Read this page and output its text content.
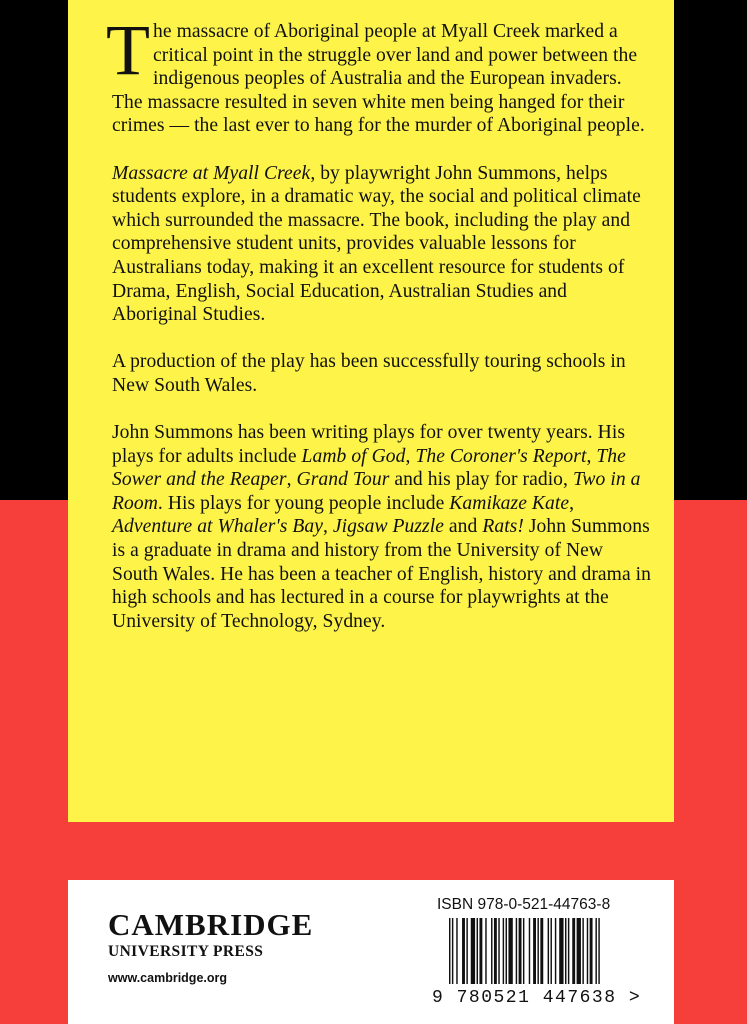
The massacre of Aboriginal people at Myall Creek marked a critical point in the struggle over land and power between the indigenous peoples of Australia and the European invaders. The massacre resulted in seven white men being hanged for their crimes — the last ever to hang for the murder of Aboriginal people.

Massacre at Myall Creek, by playwright John Summons, helps students explore, in a dramatic way, the social and political climate which surrounded the massacre. The book, including the play and comprehensive student units, provides valuable lessons for Australians today, making it an excellent resource for students of Drama, English, Social Education, Australian Studies and Aboriginal Studies.

A production of the play has been successfully touring schools in New South Wales.

John Summons has been writing plays for over twenty years. His plays for adults include Lamb of God, The Coroner's Report, The Sower and the Reaper, Grand Tour and his play for radio, Two in a Room. His plays for young people include Kamikaze Kate, Adventure at Whaler's Bay, Jigsaw Puzzle and Rats! John Summons is a graduate in drama and history from the University of New South Wales. He has been a teacher of English, history and drama in high schools and has lectured in a course for playwrights at the University of Technology, Sydney.

CAMBRIDGE
UNIVERSITY PRESS
www.cambridge.org
ISBN 978-0-521-44763-8
9 780521 447638 >
